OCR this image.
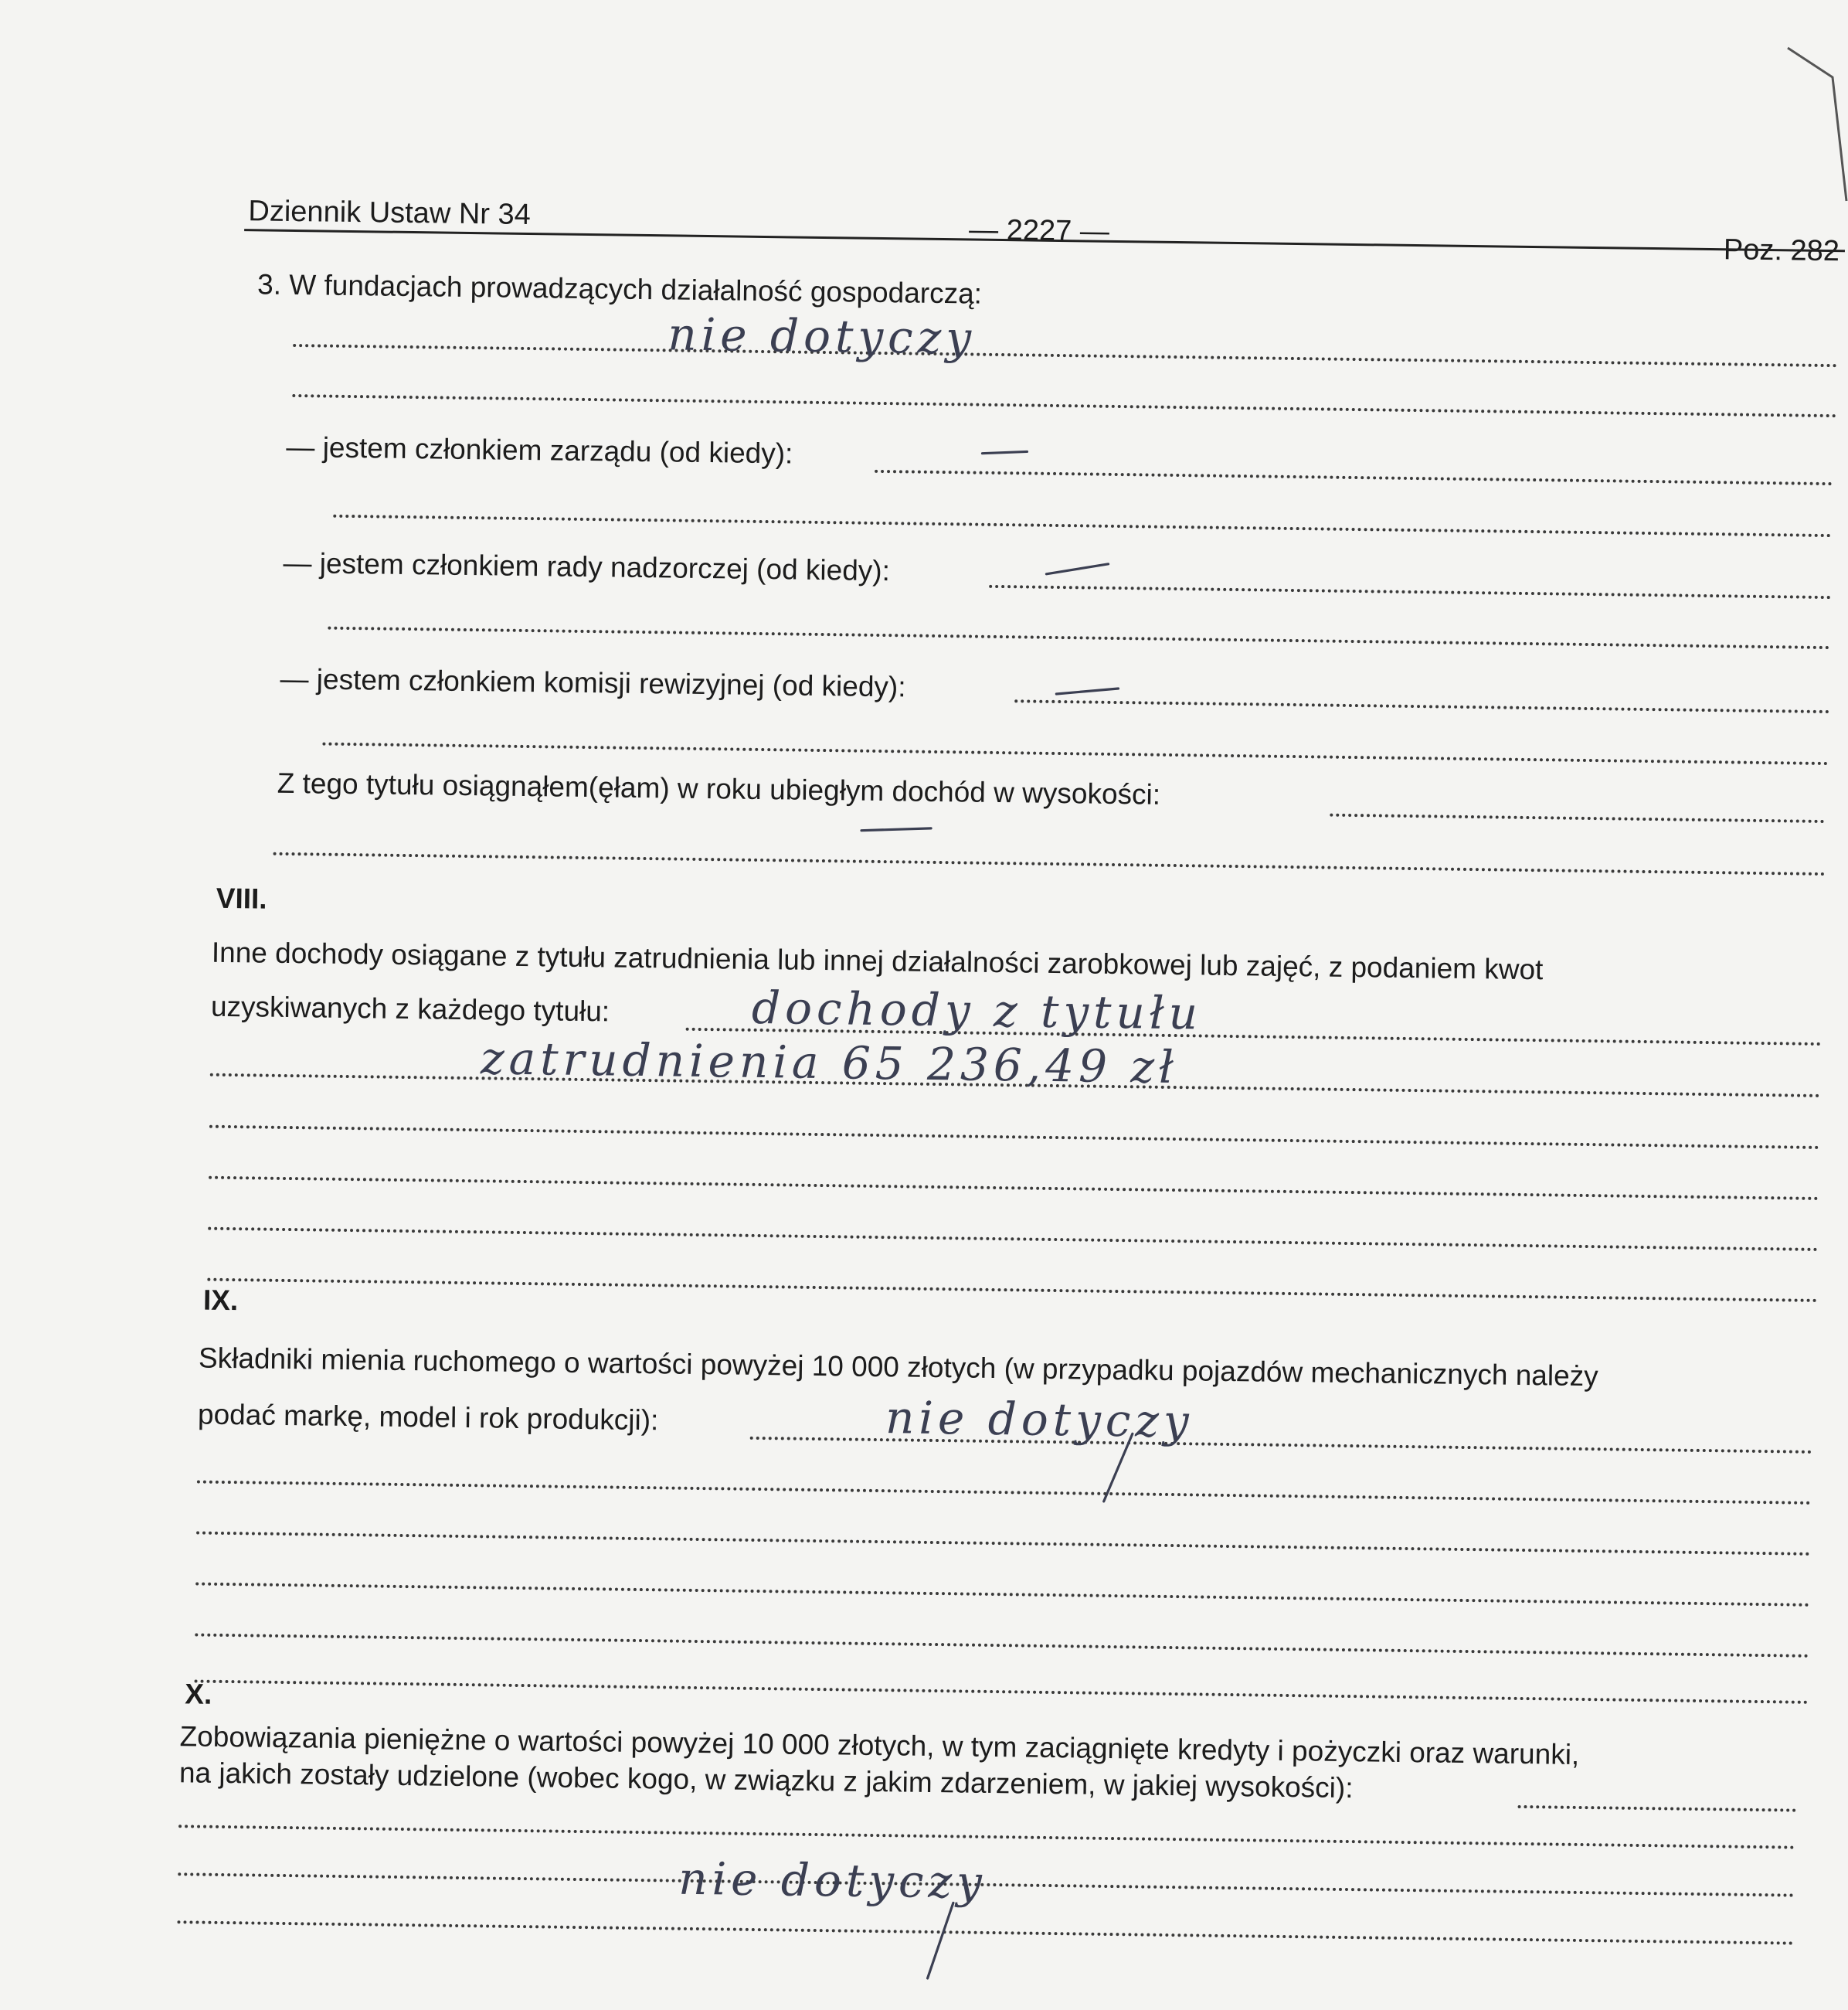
Dziennik Ustaw Nr 34	— 2227 —
Poz. 282
3. W fundacjach prowadzących działalność gospodarczą:
nie dotyczy
— jestem członkiem zarządu (od kiedy):
— jestem członkiem rady nadzorczej (od kiedy):
— jestem członkiem komisji rewizyjnej (od kiedy):
Z tego tytułu osiągnąłem(ęłam) w roku ubiegłym dochód w wysokości:
VIII.
Inne dochody osiągane z tytułu zatrudnienia lub innej działalności zarobkowej lub zajęć, z podaniem kwot
uzyskiwanych z każdego tytułu:	dochody z tytułu
zatrudnienia 65 236,49 zł
IX.
Składniki mienia ruchomego o wartości powyżej 10 000 złotych (w przypadku pojazdów mechanicznych należy
podać markę, model i rok produkcji):	nie dotyczy
X.
Zobowiązania pieniężne o wartości powyżej 10 000 złotych, w tym zaciągnięte kredyty i pożyczki oraz warunki,
na jakich zostały udzielone (wobec kogo, w związku z jakim zdarzeniem, w jakiej wysokości):
nie dotyczy
